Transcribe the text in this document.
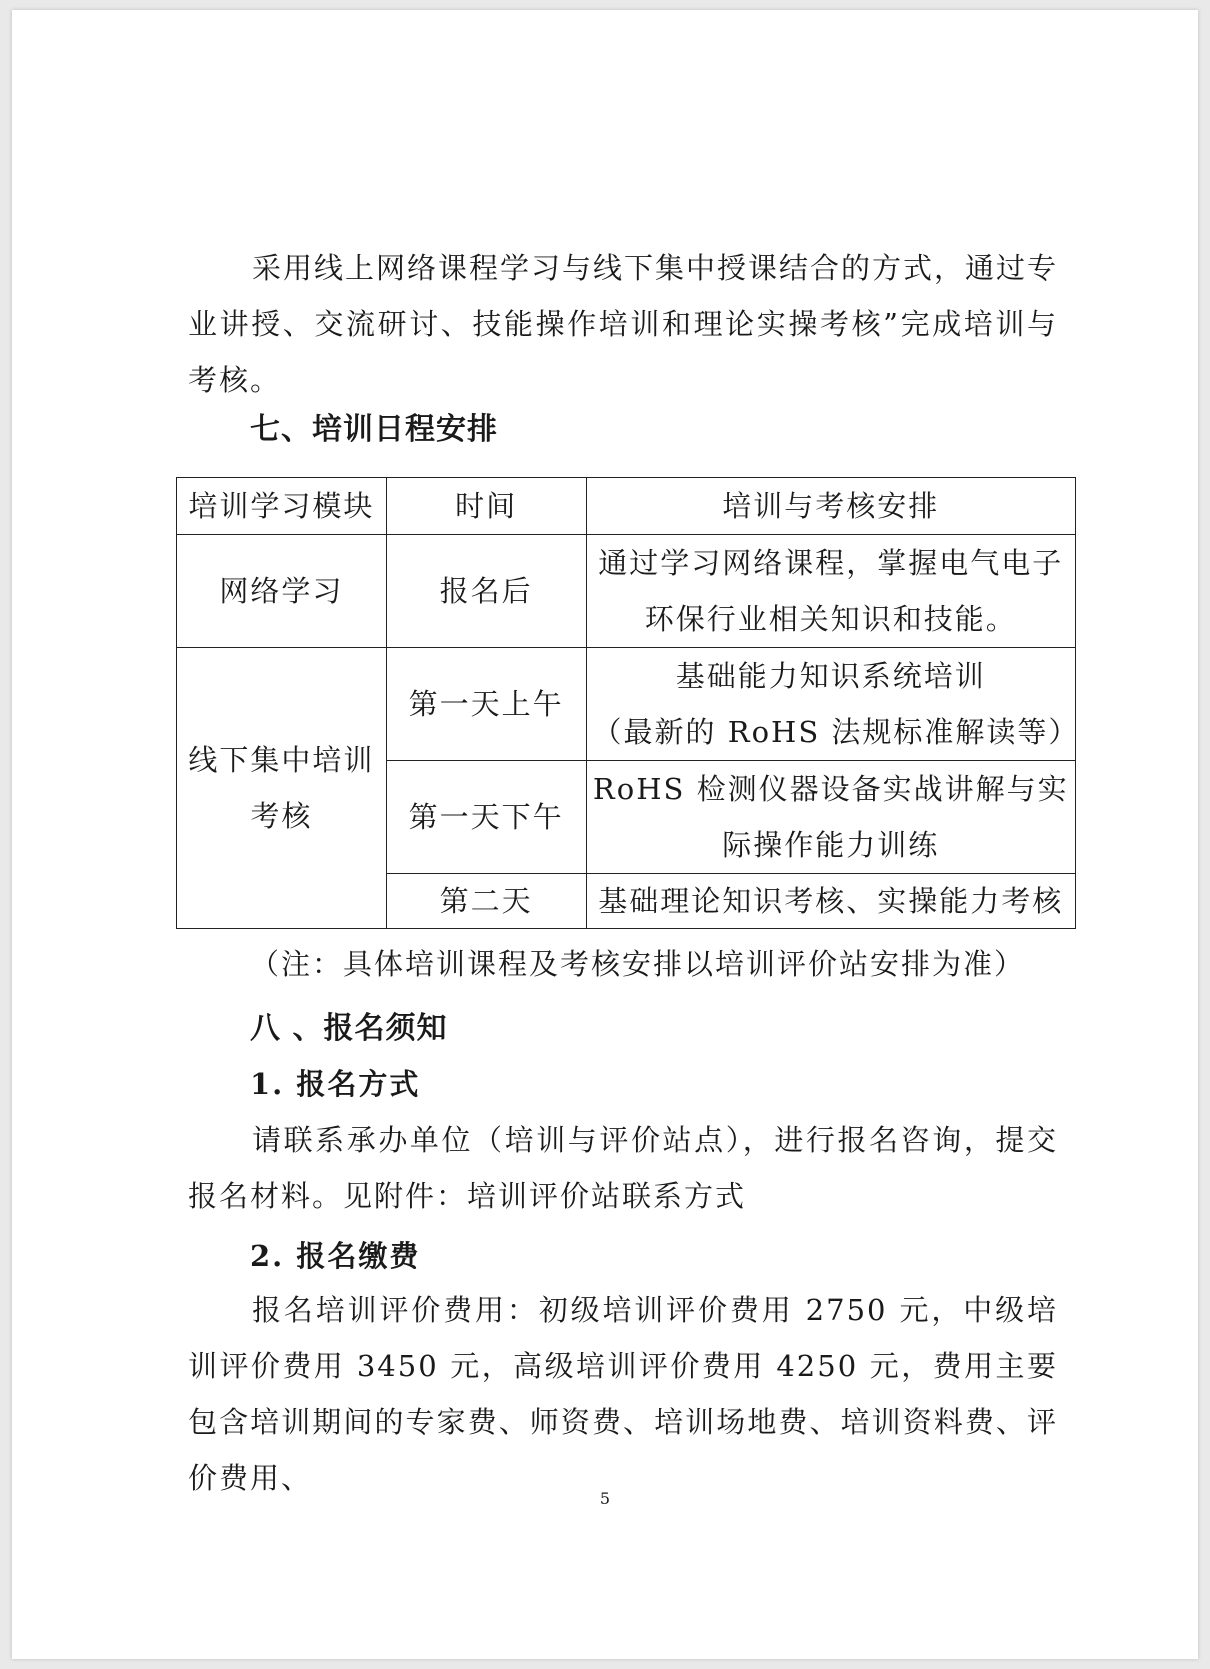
采用线上网络课程学习与线下集中授课结合的方式，通过专业讲授、交流研讨、技能操作培训和理论实操考核”完成培训与考核。

七、培训日程安排
培训学习模块	时间	培训与考核安排
网络学习	报名后	通过学习网络课程，掌握电气电子环保行业相关知识和技能。
线下集中培训考核	第一天上午	基础能力知识系统培训
（最新的 RoHS 法规标准解读等）

	第一天下午	RoHS 检测仪器设备实战讲解与实际操作能力训练
	第二天	基础理论知识考核、实操能力考核

（注：具体培训课程及考核安排以培训评价站安排为准）

八 、报名须知
1. 报名方式

请联系承办单位（培训与评价站点），进行报名咨询，提交报名材料。见附件：培训评价站联系方式

2. 报名缴费

报名培训评价费用：初级培训评价费用 2750 元，中级培训评价费用 3450 元，高级培训评价费用 4250 元，费用主要包含培训期间的专家费、师资费、培训场地费、培训资料费、评价费用、

5
